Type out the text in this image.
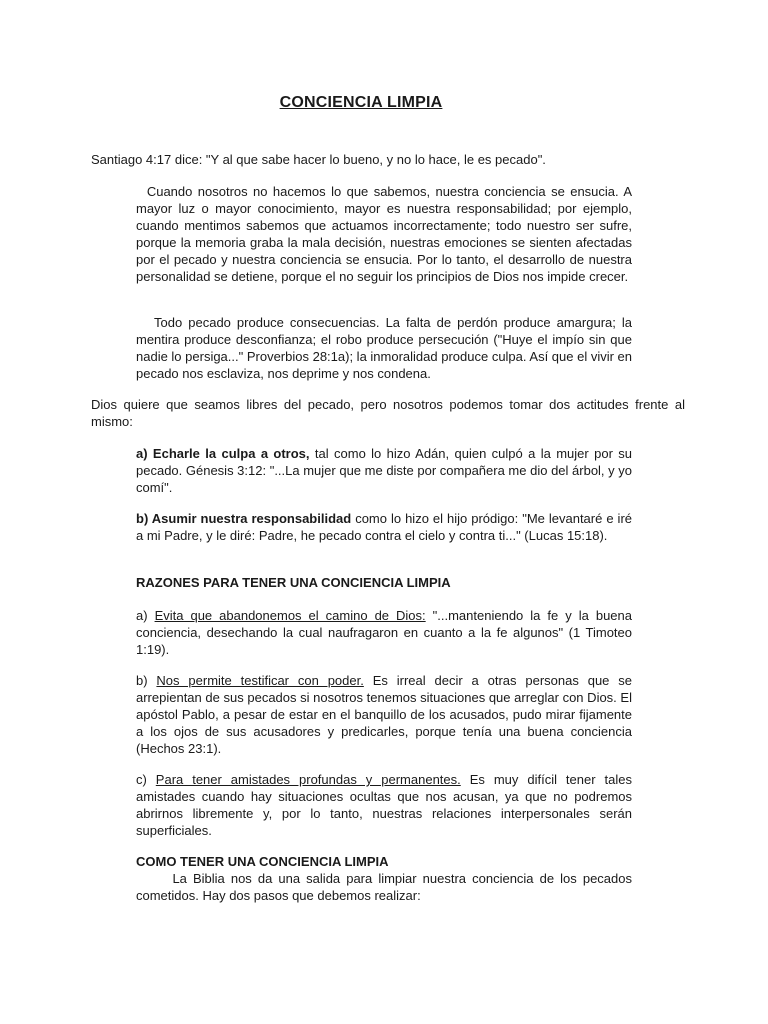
CONCIENCIA LIMPIA

Santiago 4:17 dice: "Y al que sabe hacer lo bueno, y no lo hace, le es pecado".

Cuando nosotros no hacemos lo que sabemos, nuestra conciencia se ensucia. A mayor luz o mayor conocimiento, mayor es nuestra responsabilidad; por ejemplo, cuando mentimos sabemos que actuamos incorrectamente; todo nuestro ser sufre, porque la memoria graba la mala decisión, nuestras emociones se sienten afectadas por el pecado y nuestra conciencia se ensucia. Por lo tanto, el desarrollo de nuestra personalidad se detiene, porque el no seguir los principios de Dios nos impide crecer.

Todo pecado produce consecuencias. La falta de perdón produce amargura; la mentira produce desconfianza; el robo produce persecución ("Huye el impío sin que nadie lo persiga..." Proverbios 28:1a); la inmoralidad produce culpa. Así que el vivir en pecado nos esclaviza, nos deprime y nos condena.

Dios quiere que seamos libres del pecado, pero nosotros podemos tomar dos actitudes frente al mismo:

a) Echarle la culpa a otros, tal como lo hizo Adán, quien culpó a la mujer por su pecado. Génesis 3:12: "...La mujer que me diste por compañera me dio del árbol, y yo comí".

b) Asumir nuestra responsabilidad como lo hizo el hijo pródigo: "Me levantaré e iré a mi Padre, y le diré: Padre, he pecado contra el cielo y contra ti..." (Lucas 15:18).

RAZONES PARA TENER UNA CONCIENCIA LIMPIA

a) Evita que abandonemos el camino de Dios: "...manteniendo la fe y la buena conciencia, desechando la cual naufragaron en cuanto a la fe algunos" (1 Timoteo 1:19).

b) Nos permite testificar con poder. Es irreal decir a otras personas que se arrepientan de sus pecados si nosotros tenemos situaciones que arreglar con Dios. El apóstol Pablo, a pesar de estar en el banquillo de los acusados, pudo mirar fijamente a los ojos de sus acusadores y predicarles, porque tenía una buena conciencia (Hechos 23:1).

c) Para tener amistades profundas y permanentes. Es muy difícil tener tales amistades cuando hay situaciones ocultas que nos acusan, ya que no podremos abrirnos libremente y, por lo tanto, nuestras relaciones interpersonales serán superficiales.

COMO TENER UNA CONCIENCIA LIMPIA

La Biblia nos da una salida para limpiar nuestra conciencia de los pecados cometidos. Hay dos pasos que debemos realizar:
